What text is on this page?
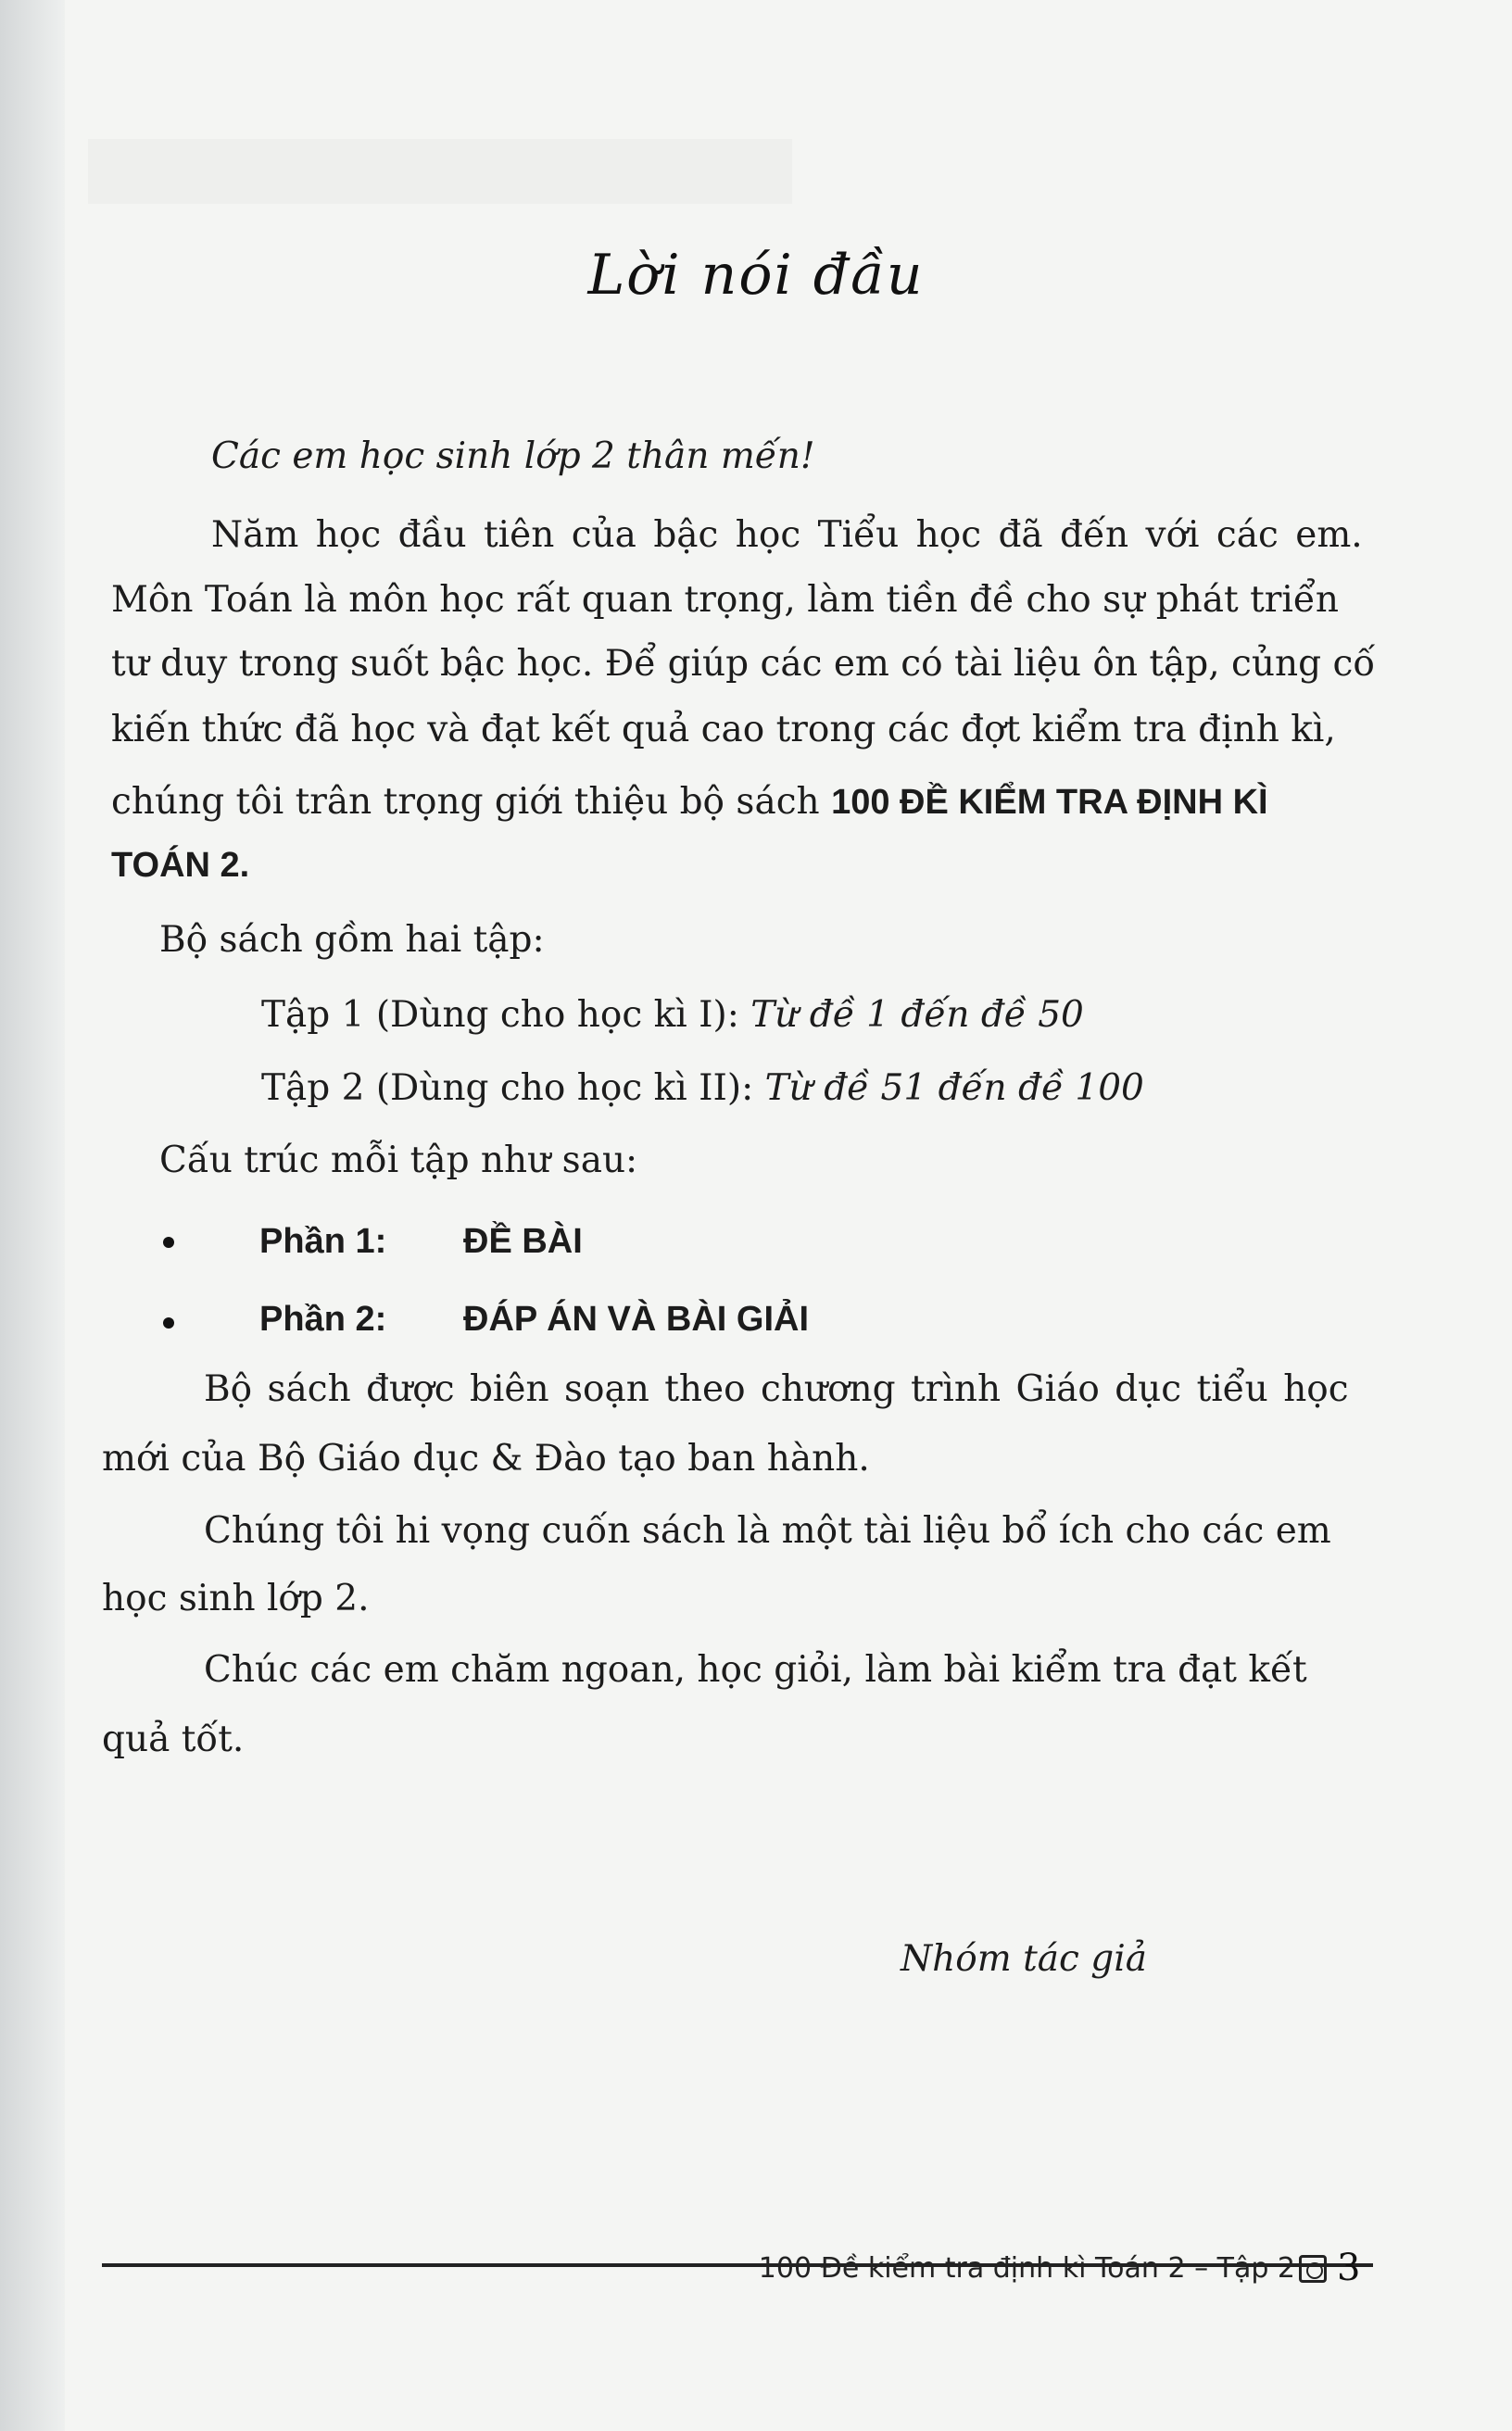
Lời nói đầu
Các em học sinh lớp 2 thân mến!
Năm học đầu tiên của bậc học Tiểu học đã đến với các em.
Môn Toán là môn học rất quan trọng, làm tiền đề cho sự phát triển
tư duy trong suốt bậc học. Để giúp các em có tài liệu ôn tập, củng cố
kiến thức đã học và đạt kết quả cao trong các đợt kiểm tra định kì,
chúng tôi trân trọng giới thiệu bộ sách 100 ĐỀ KIỂM TRA ĐỊNH KÌ
TOÁN 2.
Bộ sách gồm hai tập:
Tập 1 (Dùng cho học kì I): Từ đề 1 đến đề 50
Tập 2 (Dùng cho học kì II): Từ đề 51 đến đề 100
Cấu trúc mỗi tập như sau:
Phần 1: ĐỀ BÀI
Phần 2: ĐÁP ÁN VÀ BÀI GIẢI
Bộ sách được biên soạn theo chương trình Giáo dục tiểu học
mới của Bộ Giáo dục & Đào tạo ban hành.
Chúng tôi hi vọng cuốn sách là một tài liệu bổ ích cho các em
học sinh lớp 2.
Chúc các em chăm ngoan, học giỏi, làm bài kiểm tra đạt kết
quả tốt.
Nhóm tác giả
100 Đề kiểm tra định kì Toán 2 – Tập 2 3
